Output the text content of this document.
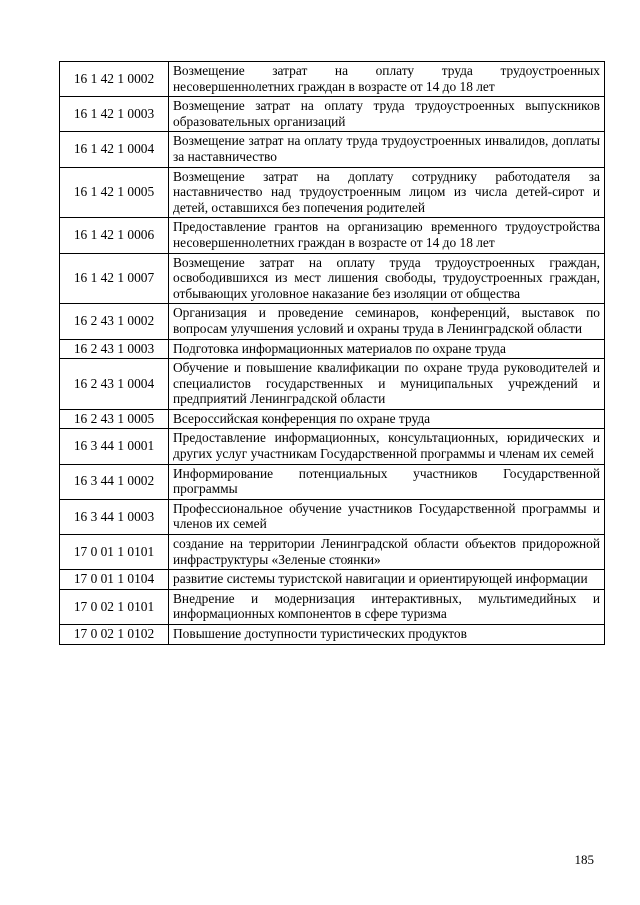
16 1 42 1 0002	Возмещение затрат на оплату труда трудоустроенных несовершеннолетних граждан в возрасте от 14 до 18 лет
16 1 42 1 0003	Возмещение затрат на оплату труда трудоустроенных выпускников образовательных организаций
16 1 42 1 0004	Возмещение затрат на оплату труда трудоустроенных инвалидов, доплаты за наставничество
16 1 42 1 0005	Возмещение затрат на доплату сотруднику работодателя за наставничество над трудоустроенным лицом из числа детей-сирот и детей, оставшихся без попечения родителей
16 1 42 1 0006	Предоставление грантов на организацию временного трудоустройства несовершеннолетних граждан в возрасте от 14 до 18 лет
16 1 42 1 0007	Возмещение затрат на оплату труда трудоустроенных граждан, освободившихся из мест лишения свободы, трудоустроенных граждан, отбывающих уголовное наказание без изоляции от общества
16 2 43 1 0002	Организация и проведение семинаров, конференций, выставок по вопросам улучшения условий и охраны труда в Ленинградской области
16 2 43 1 0003	Подготовка информационных материалов по охране труда
16 2 43 1 0004	Обучение и повышение квалификации по охране труда руководителей и специалистов государственных и муниципальных учреждений и предприятий Ленинградской области
16 2 43 1 0005	Всероссийская конференция по охране труда
16 3 44 1 0001	Предоставление информационных, консультационных, юридических и других услуг участникам Государственной программы и членам их семей
16 3 44 1 0002	Информирование потенциальных участников Государственной программы
16 3 44 1 0003	Профессиональное обучение участников Государственной программы и членов их семей
17 0 01 1 0101	создание на территории Ленинградской области объектов придорожной инфраструктуры «Зеленые стоянки»
17 0 01 1 0104	развитие системы туристской навигации и ориентирующей информации
17 0 02 1 0101	Внедрение и модернизация интерактивных, мультимедийных и информационных компонентов в сфере туризма
17 0 02 1 0102	Повышение доступности туристических продуктов
185
